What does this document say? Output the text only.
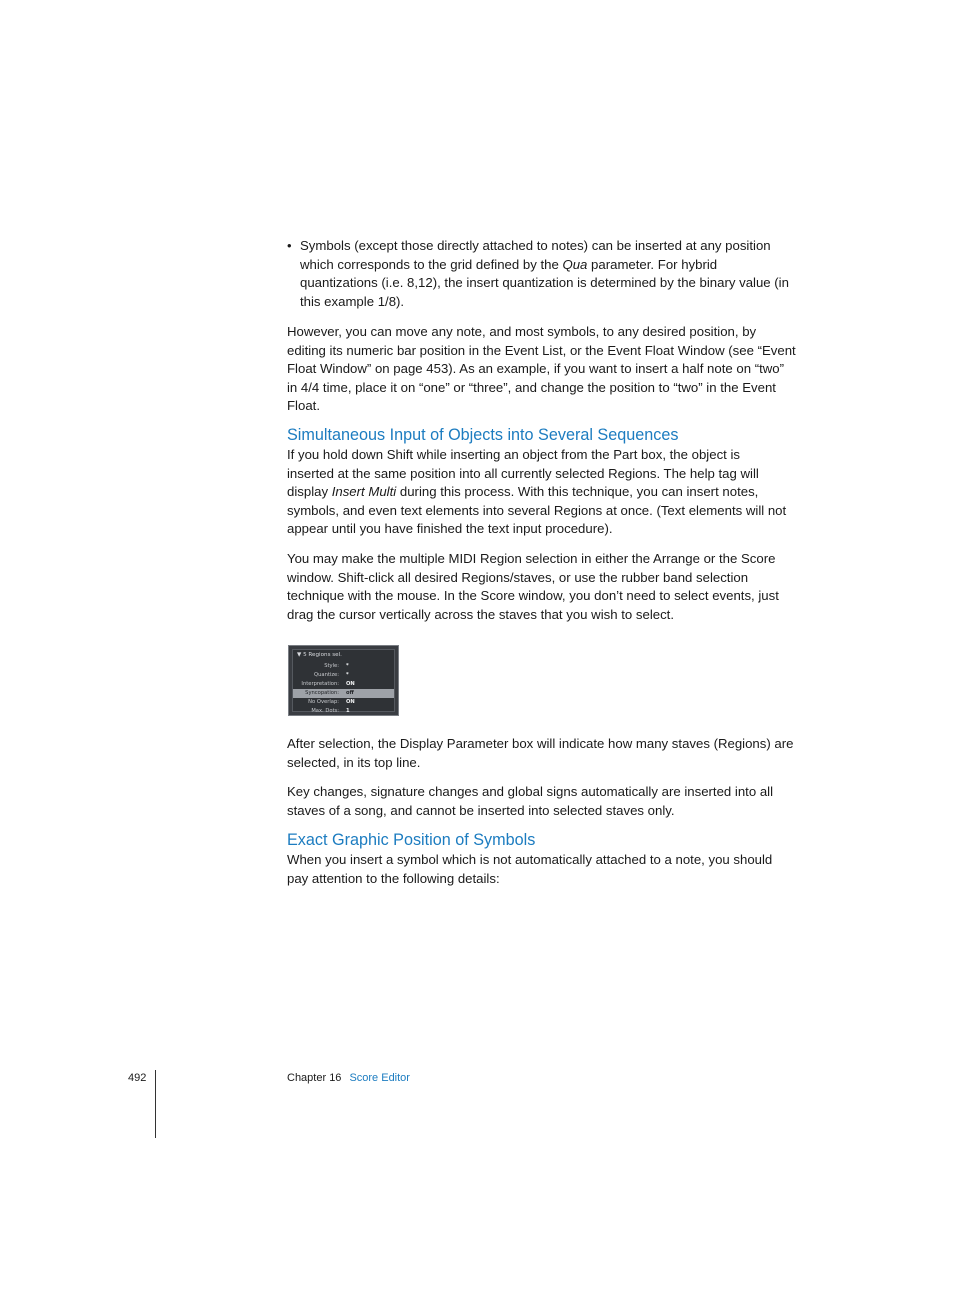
• Symbols (except those directly attached to notes) can be inserted at any position
which corresponds to the grid defined by the Qua parameter. For hybrid
quantizations (i.e. 8,12), the insert quantization is determined by the binary value (in
this example 1/8).

However, you can move any note, and most symbols, to any desired position, by
editing its numeric bar position in the Event List, or the Event Float Window (see “Event
Float Window” on page 453). As an example, if you want to insert a half note on “two”
in 4/4 time, place it on “one” or “three”, and change the position to “two” in the Event
Float.

Simultaneous Input of Objects into Several Sequences

If you hold down Shift while inserting an object from the Part box, the object is
inserted at the same position into all currently selected Regions. The help tag will
display Insert Multi during this process. With this technique, you can insert notes,
symbols, and even text elements into several Regions at once. (Text elements will not
appear until you have finished the text input procedure).

You may make the multiple MIDI Region selection in either the Arrange or the Score
window. Shift-click all desired Regions/staves, or use the rubber band selection
technique with the mouse. In the Score window, you don’t need to select events, just
drag the cursor vertically across the staves that you wish to select.

▼ 5 Regions sel.
Style: *
Quantize: *
Interpretation: ON
Syncopation: off
No Overlap: ON
Max. Dots: 1

After selection, the Display Parameter box will indicate how many staves (Regions) are
selected, in its top line.

Key changes, signature changes and global signs automatically are inserted into all
staves of a song, and cannot be inserted into selected staves only.

Exact Graphic Position of Symbols

When you insert a symbol which is not automatically attached to a note, you should
pay attention to the following details:

492	Chapter 16 Score Editor
